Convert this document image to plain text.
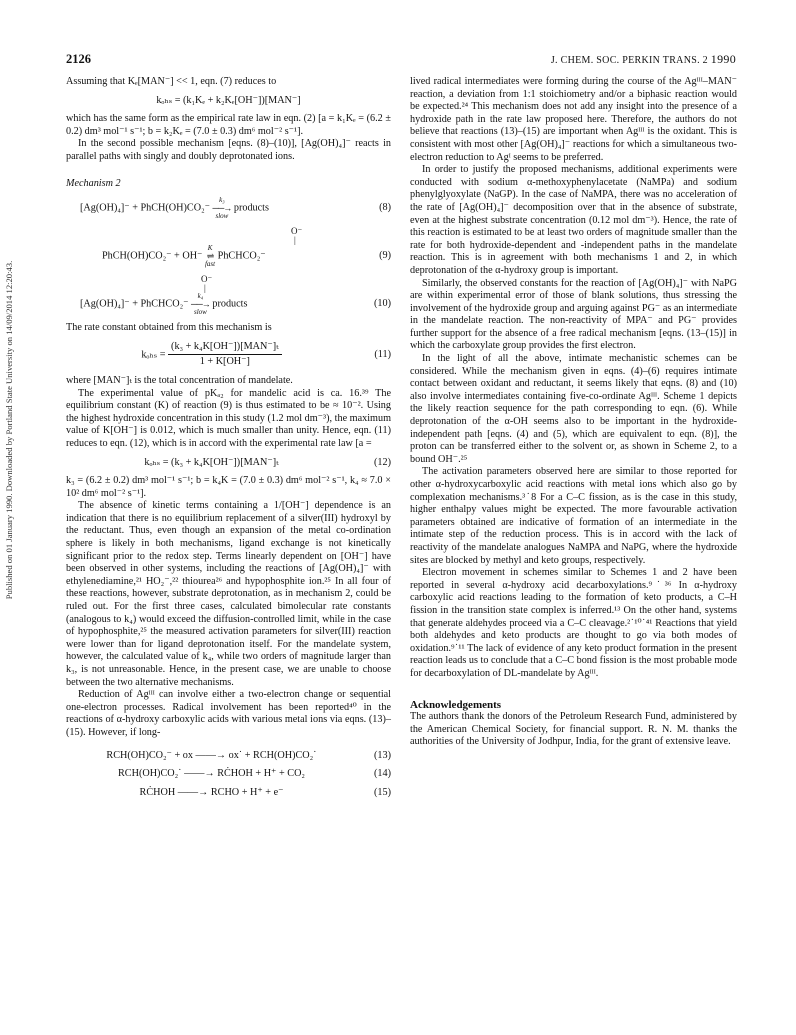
Published on 01 January 1990. Downloaded by Portland State University on 14/09/2014 12:20:43.
2126	J. CHEM. SOC. PERKIN TRANS. 2 1990

Assuming that Kₑ[MAN⁻] << 1, eqn. (7) reduces to

kₒₕₛ = (k₁Kₑ + k₂Kₑ[OH⁻])[MAN⁻]

which has the same form as the empirical rate law in eqn. (2) [a = k₁Kₑ = (6.2 ± 0.2) dm³ mol⁻¹ s⁻¹; b = k₂Kₑ = (7.0 ± 0.3) dm⁶ mol⁻² s⁻¹].

In the second possible mechanism [eqns. (8)–(10)], [Ag(OH)₄]⁻ reacts in parallel paths with singly and doubly deprotonated ions.

Mechanism 2
[Ag(OH)₄]⁻ + PhCH(OH)CO₂⁻
k₃
──→
slow
products	(8)
O⁻
|
PhCH(OH)CO₂⁻ + OH⁻
K
⇌
fast
PhCHCO₂⁻	(9)
O⁻
|
[Ag(OH)₄]⁻ + PhCHCO₂⁻
k₄
──→
slow
products	(10)

The rate constant obtained from this mechanism is

$k_{ohs} = \frac{\text{(k₃ + k₄K[OH⁻])[MAN⁻]ₜ}}{1 + K[OH^-]}$	(11)

where [MAN⁻]ₜ is the total concentration of mandelate.

The experimental value of pKₐ₂ for mandelic acid is ca. 16.³⁹ The equilibrium constant (K) of reaction (9) is thus estimated to be ≈ 10⁻². Using the highest hydroxide concentration in this study (1.2 mol dm⁻³), the maximum value of K[OH⁻] is 0.012, which is much smaller than unity. Hence, eqn. (11) reduces to eqn. (12), which is in accord with the experimental rate law [a =

kₒₕₛ = (k₃ + k₄K[OH⁻])[MAN⁻]ₜ	(12)

k₃ = (6.2 ± 0.2) dm³ mol⁻¹ s⁻¹; b = k₄K = (7.0 ± 0.3) dm⁶ mol⁻² s⁻¹, k₄ ≈ 7.0 × 10² dm⁶ mol⁻² s⁻¹].

The absence of kinetic terms containing a 1/[OH⁻] dependence is an indication that there is no equilibrium replacement of a silver(III) hydroxyl by the reductant. Thus, even though an expansion of the metal co-ordination sphere is likely in both mechanisms, ligand exchange is not kinetically significant prior to the redox step. Terms linearly dependent on [OH⁻] have been observed in other systems, including the reactions of [Ag(OH)₄]⁻ with ethylenediamine,²¹ HO₂⁻,²² thiourea²⁶ and hypophosphite ion.²⁵ In all four of these reactions, however, substrate deprotonation, as in mechanism 2, could be ruled out. For the first three cases, calculated bimolecular rate constants (analogous to k₄) would exceed the diffusion-controlled limit, while in the case of hypophosphite,²⁵ the measured activation parameters for silver(III) reaction were lower than for ligand deprotonation itself. For the mandelate system, however, the calculated value of k₄, while two orders of magnitude larger than k₃, is not unreasonable. Hence, in the present case, we are unable to choose between the two alternative mechanisms.

Reduction of Agᴵᴵᴵ can involve either a two-electron change or sequential one-electron processes. Radical involvement has been reported⁴⁰ in the reactions of α-hydroxy carboxylic acids with various metal ions via eqns. (13)–(15). However, if long-

RCH(OH)CO₂⁻ + ox ——→ ox˙ + RCH(OH)CO₂˙	(13)
RCH(OH)CO₂˙ ——→ RĊHOH + H⁺ + CO₂	(14)
RĊHOH ——→ RCHO + H⁺ + e⁻	(15)

lived radical intermediates were forming during the course of the Agᴵᴵᴵ–MAN⁻ reaction, a deviation from 1:1 stoichiometry and/or a biphasic reaction would be expected.²⁴ This mechanism does not add any insight into the presence of a hydroxide path in the rate law proposed here. Therefore, the authors do not believe that reactions (13)–(15) are important when Agᴵᴵᴵ is the oxidant. This is consistent with most other [Ag(OH)₄]⁻ reactions for which a simultaneous two-electron reduction to Agᴵ seems to be preferred.

In order to justify the proposed mechanisms, additional experiments were conducted with sodium α-methoxyphenylacetate (NaMPa) and sodium phenylglyoxylate (NaGP). In the case of NaMPA, there was no acceleration of the rate of [Ag(OH)₄]⁻ decomposition over that in the absence of substrate, even at the highest substrate concentration (0.12 mol dm⁻³). Hence, the rate of this reaction is estimated to be at least two orders of magnitude smaller than the rate for both hydroxide-dependent and -independent paths in the mandelate reaction. This is in agreement with both mechanisms 1 and 2, in which deprotonation of the α-hydroxy group is important.

Similarly, the observed constants for the reaction of [Ag(OH)₄]⁻ with NaPG are within experimental error of those of blank solutions, thus stressing the involvement of the hydroxide group and arguing against PG⁻ as an intermediate in the mandelate reaction. The non-reactivity of MPA⁻ and PG⁻ provides further support for the absence of a free radical mechanism [eqns. (13–(15)] in which the carboxylate group provides the first electron.

In the light of all the above, intimate mechanistic schemes can be considered. While the mechanism given in eqns. (4)–(6) requires intimate contact between oxidant and reductant, it seems likely that eqns. (8) and (10) also involve intermediates containing five-co-ordinate Agᴵᴵᴵ. Scheme 1 depicts the likely reaction sequence for the path corresponding to eqn. (6). While deprotonation of the α-OH seems also to be important in the hydroxide-independent path [eqns. (4) and (5), which are equivalent to eqn. (8)], the proton can be transferred either to the solvent or, as shown in Scheme 2, to a bound OH⁻.²⁵

The activation parameters observed here are similar to those reported for other α-hydroxycarboxylic acid reactions with metal ions which also go by complexation mechanisms.³˙8 For a C–C fission, as is the case in this study, higher enthalpy values might be expected. The more favourable activation parameters obtained are indicative of formation of an intermediate in the intimate step of the reduction process. This is in accord with the lack of reactivity of the mandelate analogues NaMPA and NaPG, where the hydroxide sites are blocked by methyl and keto groups, respectively.

Electron movement in schemes similar to Schemes 1 and 2 have been reported in several α-hydroxy acid decarboxylations.⁹˙³⁶ In α-hydroxy carboxylic acid reactions leading to the formation of keto products, a C–H fission in the transition state complex is inferred.¹³ On the other hand, systems that generate aldehydes proceed via a C–C cleavage.²˙¹⁰˙⁴¹ Reactions that yield both aldehydes and keto products are thought to go via both modes of oxidation.⁹˙¹¹ The lack of evidence of any keto product formation in the present reaction leads us to conclude that a C–C bond fission is the most probable mode for decarboxylation of DL-mandelate by Agᴵᴵᴵ.

Acknowledgements

The authors thank the donors of the Petroleum Research Fund, administered by the American Chemical Society, for financial support. R. N. M. thanks the authorities of the University of Jodhpur, India, for the grant of extensive leave.
